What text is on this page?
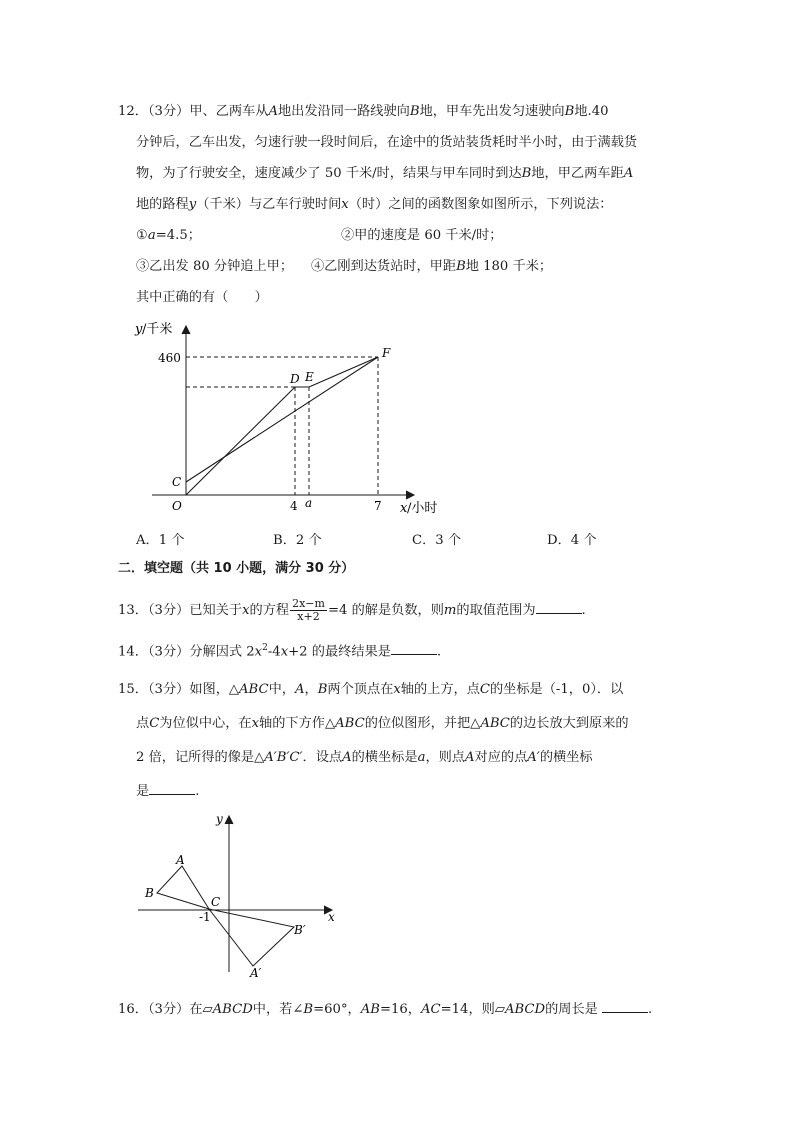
12．（3分）甲、乙两车从A地出发沿同一路线驶向B地，甲车先出发匀速驶向B地.40
分钟后，乙车出发，匀速行驶一段时间后，在途中的货站装货耗时半小时，由于满载货
物，为了行驶安全，速度减少了 50 千米/时，结果与甲车同时到达B地，甲乙两车距A
地的路程y（千米）与乙车行驶时间x（时）之间的函数图象如图所示，下列说法：
①a=4.5；	②甲的速度是 60 千米/时；
③乙出发 80 分钟追上甲； ④乙刚到达货站时，甲距B地 180 千米；
其中正确的有（　　）
y /千米
460
C
O
D E
F
4 a	7 x /小时
A．1 个	B．2 个	C．3 个	D．4 个
二．填空题（共 10 小题，满分 30 分）
13．（3分）已知关于x的方程 $\frac{2x-m}{x+2} =4$ 的解是负数，则m的取值范围为	.
14．（3分）分解因式 $2x^2-4x+2$ 的最终结果是	.
15．（3分）如图，△ABC中，A，B两个顶点在x轴的上方，点C的坐标是（-1，0）．以
点C为位似中心，在x轴的下方作△ABC的位似图形，并把△ABC的边长放大到原来的
2 倍，记所得的像是△A′B′C′．设点A的横坐标是a，则点A对应的点A′的横坐标
是	.
A
B
C
-1
y
x
B′
A′
16．（3分）在▱ABCD中，若∠B=60°，AB=16，AC=14，则▱ABCD的周长是	.
